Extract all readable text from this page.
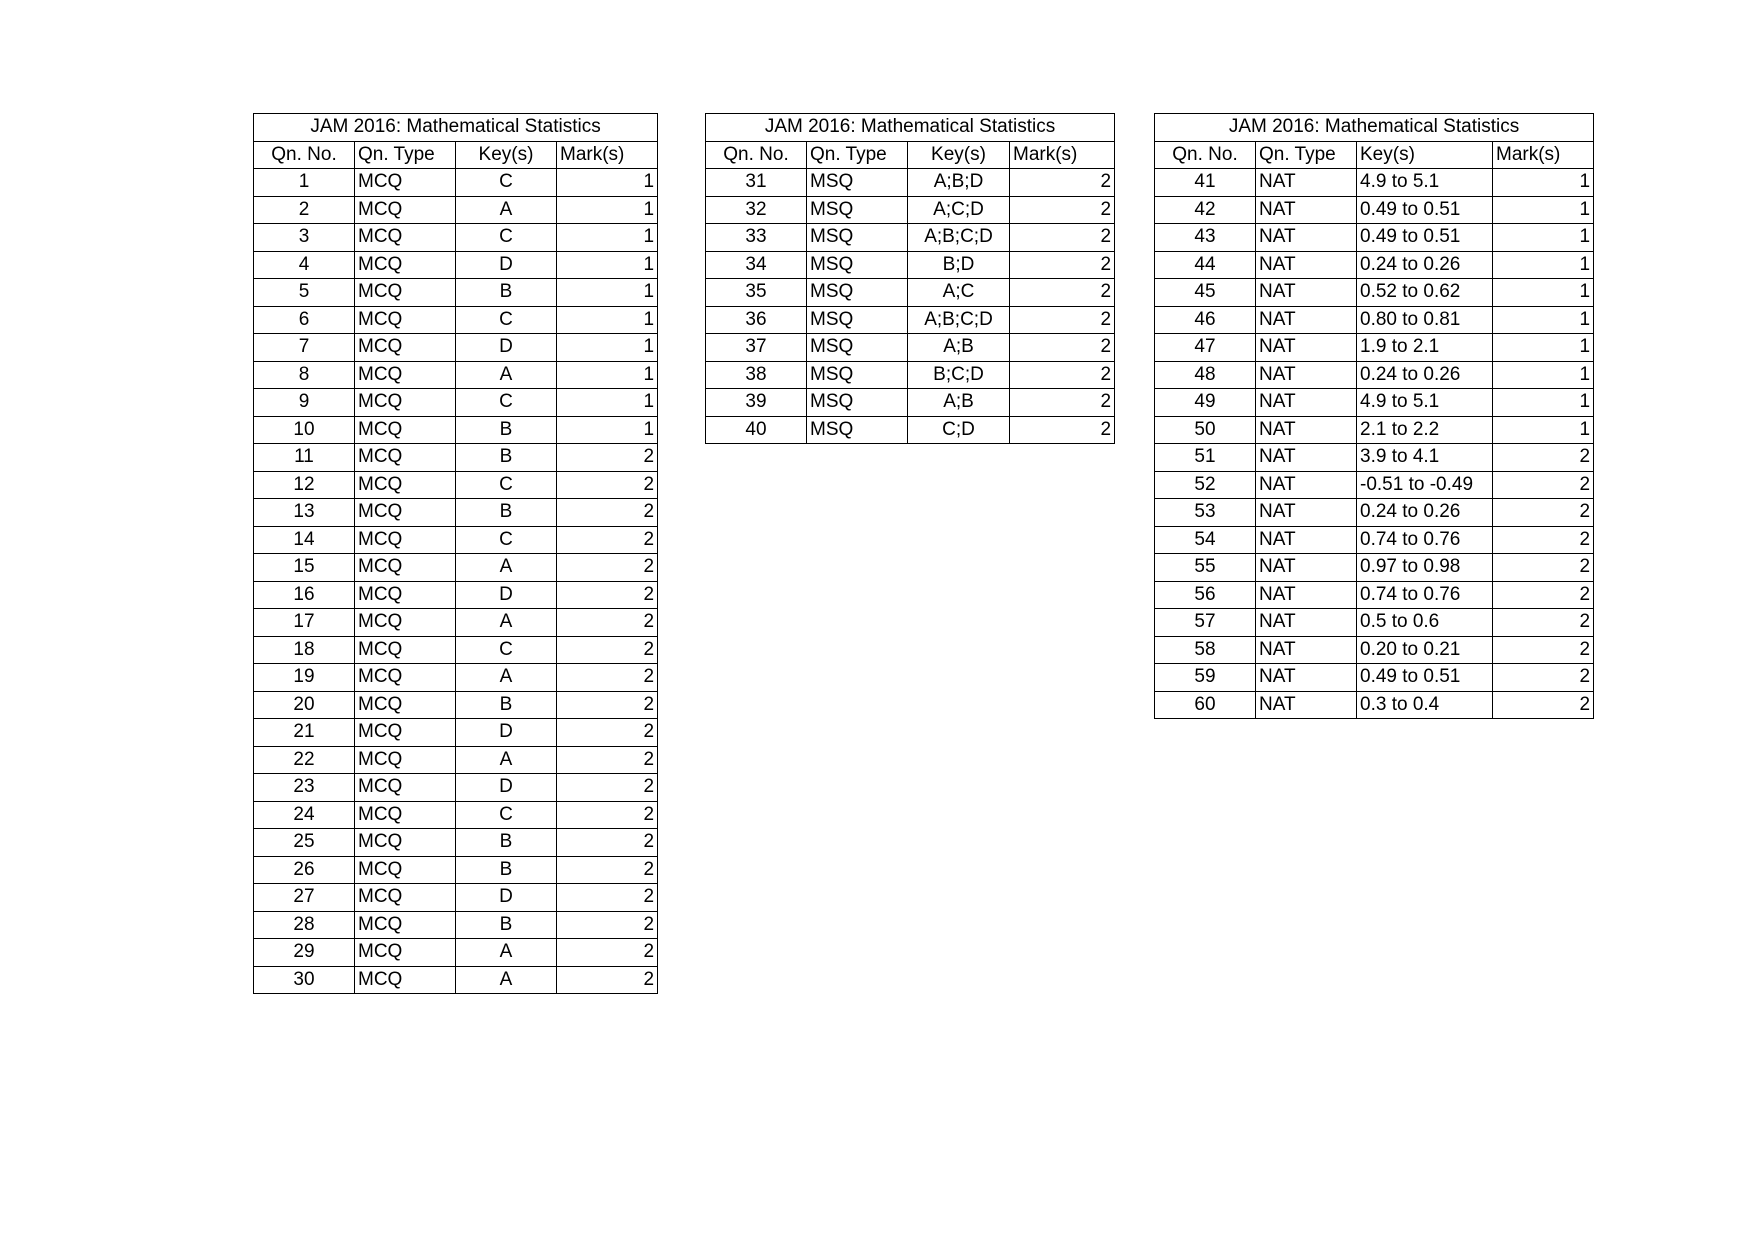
JAM 2016: Mathematical Statistics			
Qn. No.	Qn. Type	Key(s)	Mark(s)
1	MCQ	C	1
2	MCQ	A	1
3	MCQ	C	1
4	MCQ	D	1
5	MCQ	B	1
6	MCQ	C	1
7	MCQ	D	1
8	MCQ	A	1
9	MCQ	C	1
10	MCQ	B	1
11	MCQ	B	2
12	MCQ	C	2
13	MCQ	B	2
14	MCQ	C	2
15	MCQ	A	2
16	MCQ	D	2
17	MCQ	A	2
18	MCQ	C	2
19	MCQ	A	2
20	MCQ	B	2
21	MCQ	D	2
22	MCQ	A	2
23	MCQ	D	2
24	MCQ	C	2
25	MCQ	B	2
26	MCQ	B	2
27	MCQ	D	2
28	MCQ	B	2
29	MCQ	A	2
30	MCQ	A	2
JAM 2016: Mathematical Statistics			
Qn. No.	Qn. Type	Key(s)	Mark(s)
31	MSQ	A;B;D	2
32	MSQ	A;C;D	2
33	MSQ	A;B;C;D	2
34	MSQ	B;D	2
35	MSQ	A;C	2
36	MSQ	A;B;C;D	2
37	MSQ	A;B	2
38	MSQ	B;C;D	2
39	MSQ	A;B	2
40	MSQ	C;D	2
JAM 2016: Mathematical Statistics			
Qn. No.	Qn. Type	Key(s)	Mark(s)
41	NAT	4.9 to 5.1	1
42	NAT	0.49 to 0.51	1
43	NAT	0.49 to 0.51	1
44	NAT	0.24 to 0.26	1
45	NAT	0.52 to 0.62	1
46	NAT	0.80 to 0.81	1
47	NAT	1.9 to 2.1	1
48	NAT	0.24 to 0.26	1
49	NAT	4.9 to 5.1	1
50	NAT	2.1 to 2.2	1
51	NAT	3.9 to 4.1	2
52	NAT	-0.51 to -0.49	2
53	NAT	0.24 to 0.26	2
54	NAT	0.74 to 0.76	2
55	NAT	0.97 to 0.98	2
56	NAT	0.74 to 0.76	2
57	NAT	0.5 to 0.6	2
58	NAT	0.20 to 0.21	2
59	NAT	0.49 to 0.51	2
60	NAT	0.3 to 0.4	2
